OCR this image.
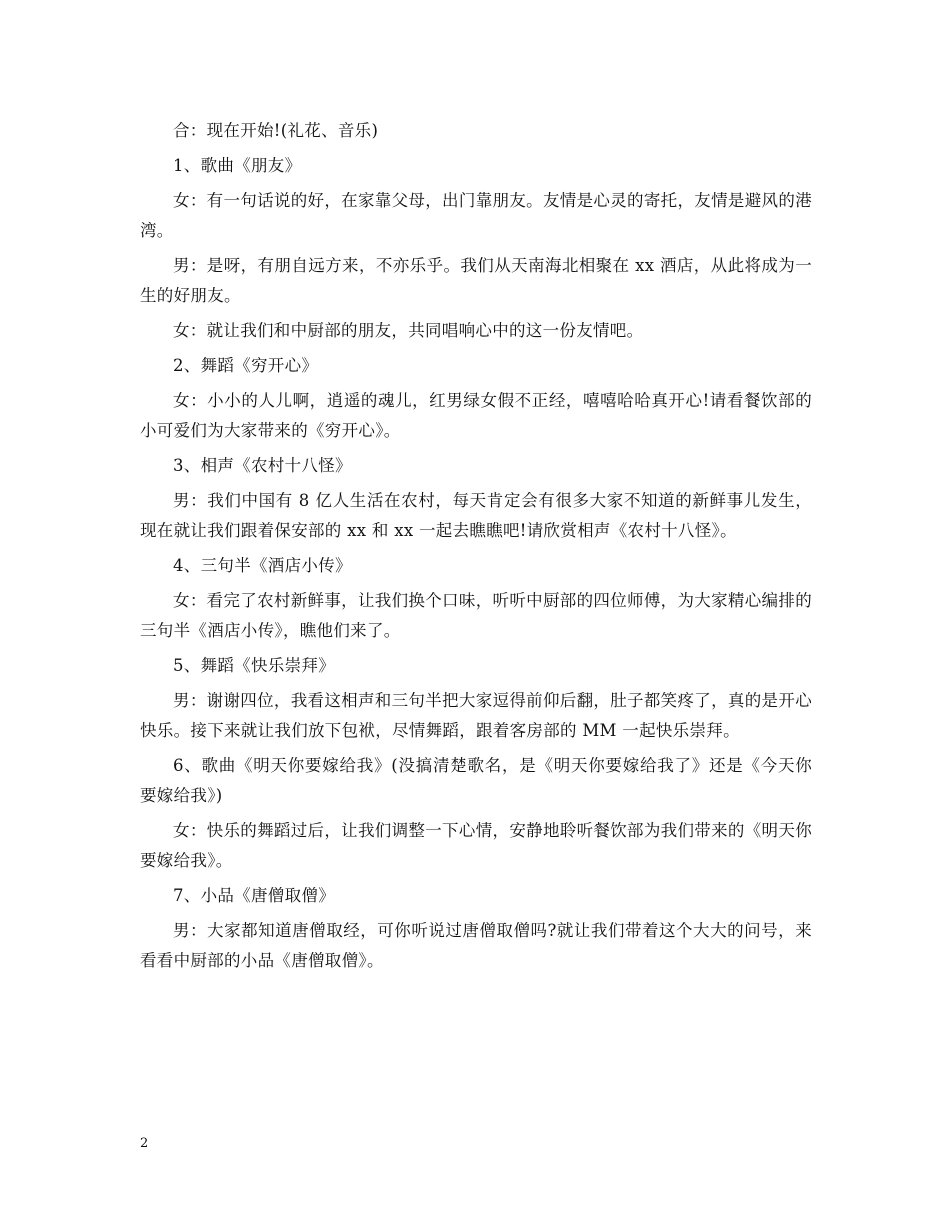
合：现在开始!(礼花、音乐)

1、歌曲《朋友》

女：有一句话说的好，在家靠父母，出门靠朋友。友情是心灵的寄托，友情是避风的港湾。

男：是呀，有朋自远方来，不亦乐乎。我们从天南海北相聚在 xx 酒店，从此将成为一生的好朋友。

女：就让我们和中厨部的朋友，共同唱响心中的这一份友情吧。

2、舞蹈《穷开心》

女：小小的人儿啊，逍遥的魂儿，红男绿女假不正经，嘻嘻哈哈真开心!请看餐饮部的小可爱们为大家带来的《穷开心》。

3、相声《农村十八怪》

男：我们中国有 8 亿人生活在农村，每天肯定会有很多大家不知道的新鲜事儿发生，现在就让我们跟着保安部的 xx 和 xx 一起去瞧瞧吧!请欣赏相声《农村十八怪》。

4、三句半《酒店小传》

女：看完了农村新鲜事，让我们换个口味，听听中厨部的四位师傅，为大家精心编排的三句半《酒店小传》，瞧他们来了。

5、舞蹈《快乐崇拜》

男：谢谢四位，我看这相声和三句半把大家逗得前仰后翻，肚子都笑疼了，真的是开心快乐。接下来就让我们放下包袱，尽情舞蹈，跟着客房部的 MM 一起快乐崇拜。

6、歌曲《明天你要嫁给我》(没搞清楚歌名，是《明天你要嫁给我了》还是《今天你要嫁给我》)

女：快乐的舞蹈过后，让我们调整一下心情，安静地聆听餐饮部为我们带来的《明天你要嫁给我》。

7、小品《唐僧取僧》

男：大家都知道唐僧取经，可你听说过唐僧取僧吗?就让我们带着这个大大的问号，来看看中厨部的小品《唐僧取僧》。

2
